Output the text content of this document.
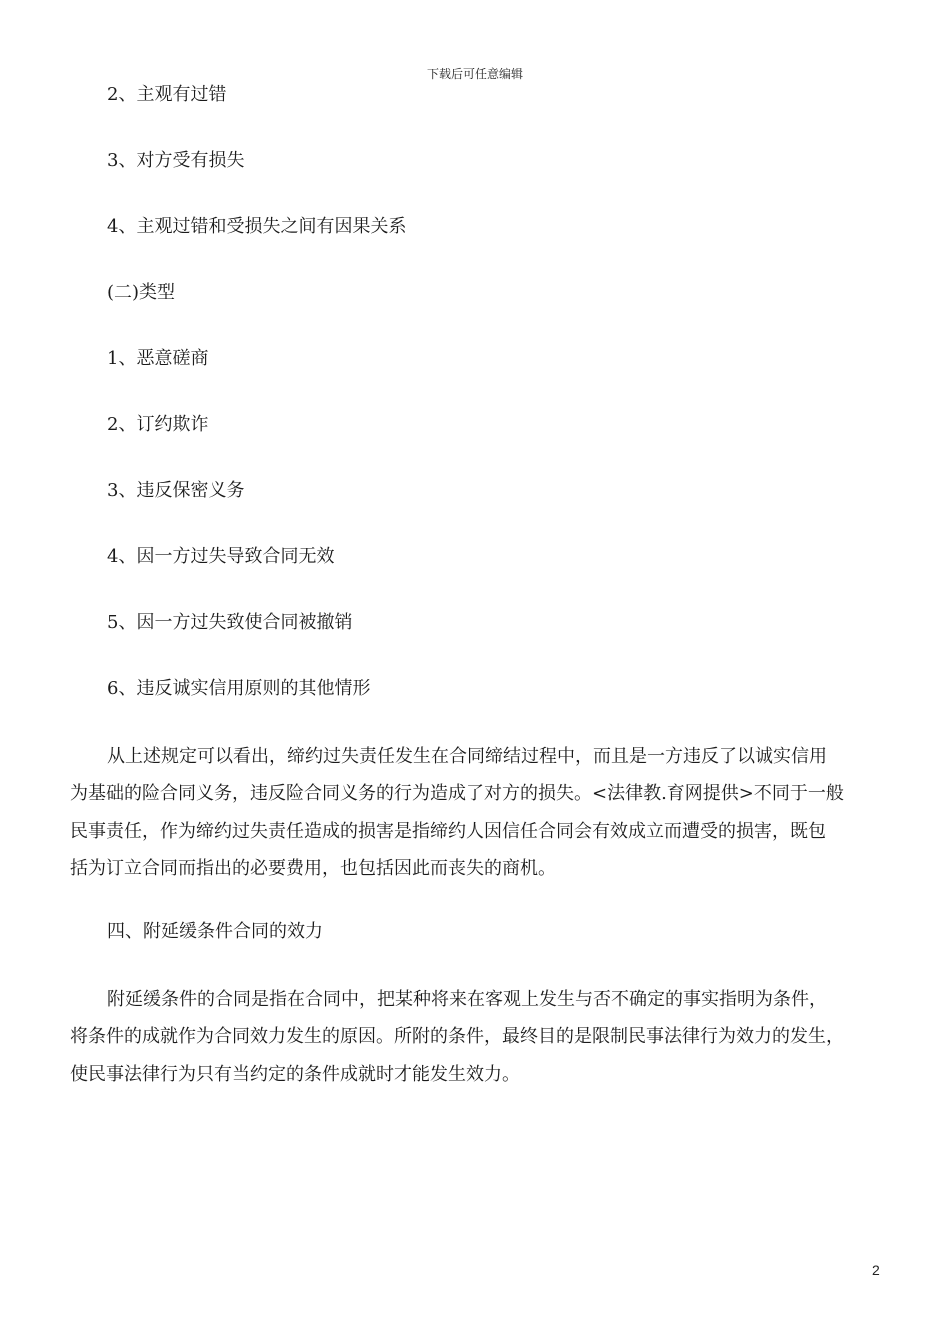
下载后可任意编辑

2、主观有过错

3、对方受有损失

4、主观过错和受损失之间有因果关系

(二)类型

1、恶意磋商

2、订约欺诈

3、违反保密义务

4、因一方过失导致合同无效

5、因一方过失致使合同被撤销

6、违反诚实信用原则的其他情形

从上述规定可以看出，缔约过失责任发生在合同缔结过程中，而且是一方违反了以诚实信用

为基础的险合同义务，违反险合同义务的行为造成了对方的损失。<法律教.育网提供>不同于一般

民事责任，作为缔约过失责任造成的损害是指缔约人因信任合同会有效成立而遭受的损害，既包

括为订立合同而指出的必要费用，也包括因此而丧失的商机。

四、附延缓条件合同的效力

附延缓条件的合同是指在合同中，把某种将来在客观上发生与否不确定的事实指明为条件，

将条件的成就作为合同效力发生的原因。所附的条件，最终目的是限制民事法律行为效力的发生，

使民事法律行为只有当约定的条件成就时才能发生效力。

2
